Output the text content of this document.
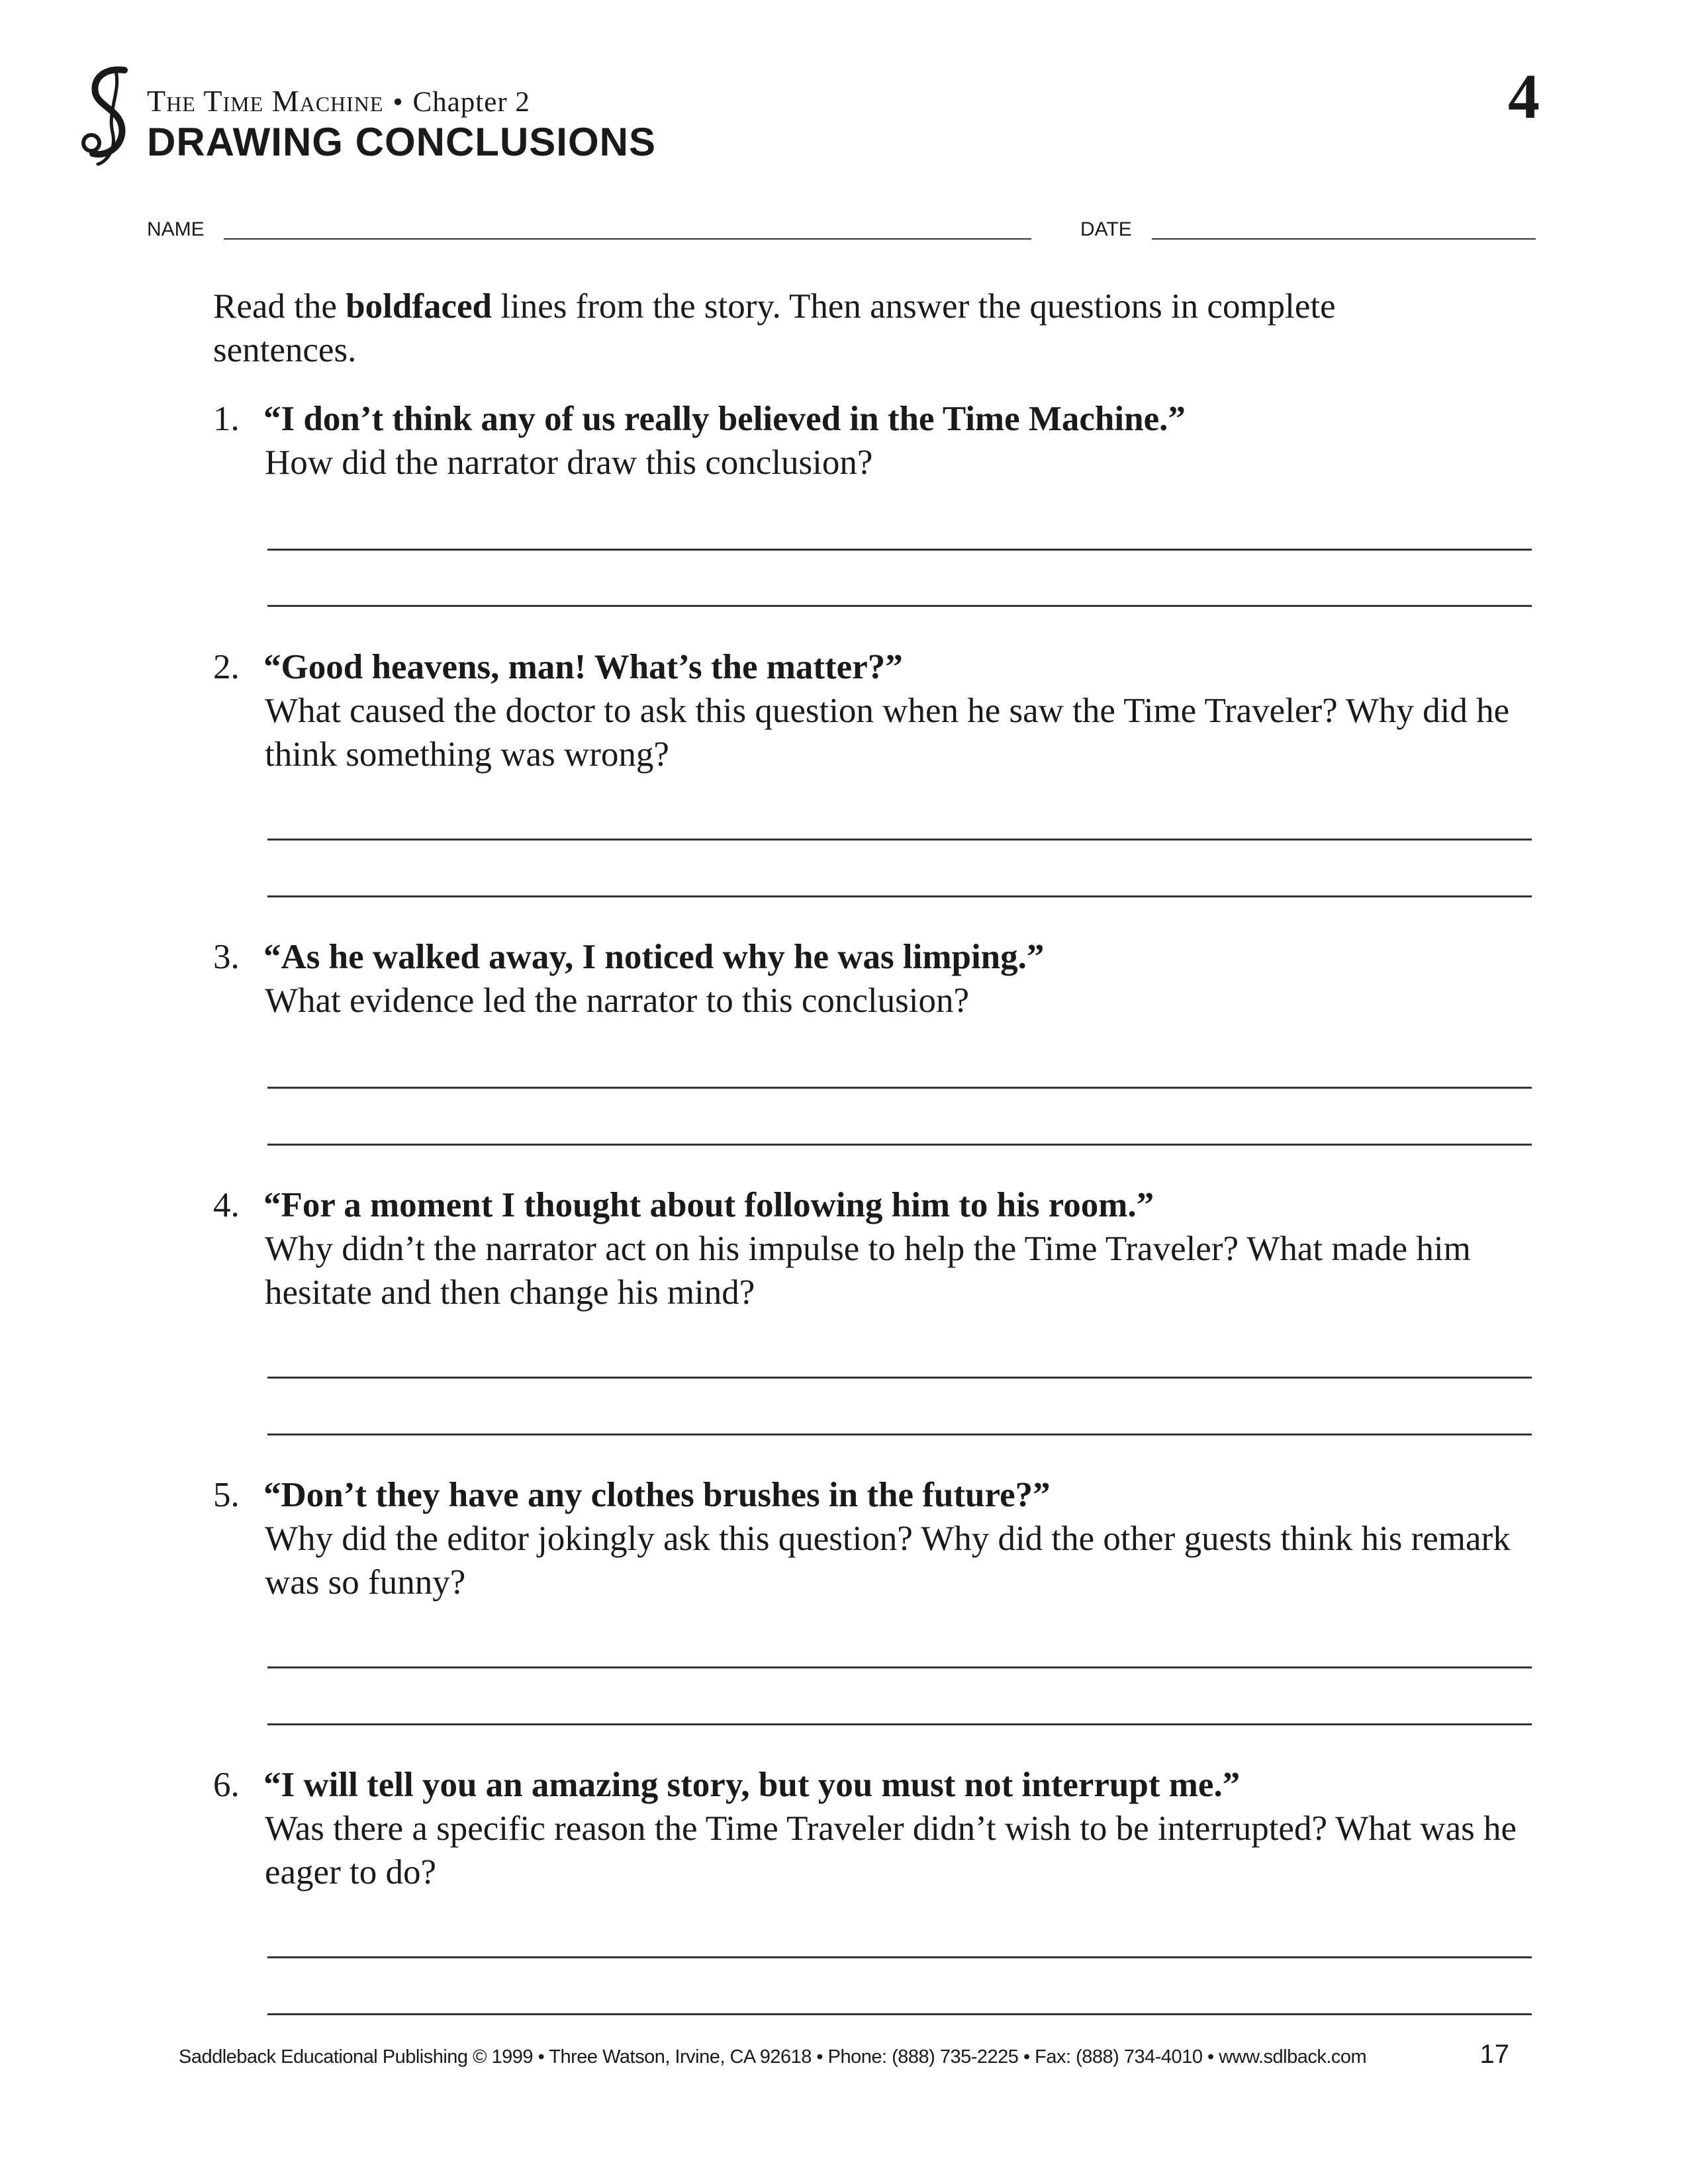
The Time Machine • Chapter 2
DRAWING CONCLUSIONS
4
NAME	DATE
Read the boldfaced lines from the story. Then answer the questions in complete sentences.
1. “I don’t think any of us really believed in the Time Machine.”
How did the narrator draw this conclusion?
2. “Good heavens, man! What’s the matter?”
What caused the doctor to ask this question when he saw the Time Traveler? Why did he think something was wrong?
3. “As he walked away, I noticed why he was limping.”
What evidence led the narrator to this conclusion?
4. “For a moment I thought about following him to his room.”
Why didn’t the narrator act on his impulse to help the Time Traveler? What made him hesitate and then change his mind?
5. “Don’t they have any clothes brushes in the future?”
Why did the editor jokingly ask this question? Why did the other guests think his remark was so funny?
6. “I will tell you an amazing story, but you must not interrupt me.”
Was there a specific reason the Time Traveler didn’t wish to be interrupted? What was he eager to do?
Saddleback Educational Publishing © 1999 • Three Watson, Irvine, CA 92618 • Phone: (888) 735-2225 • Fax: (888) 734-4010 • www.sdlback.com	17
